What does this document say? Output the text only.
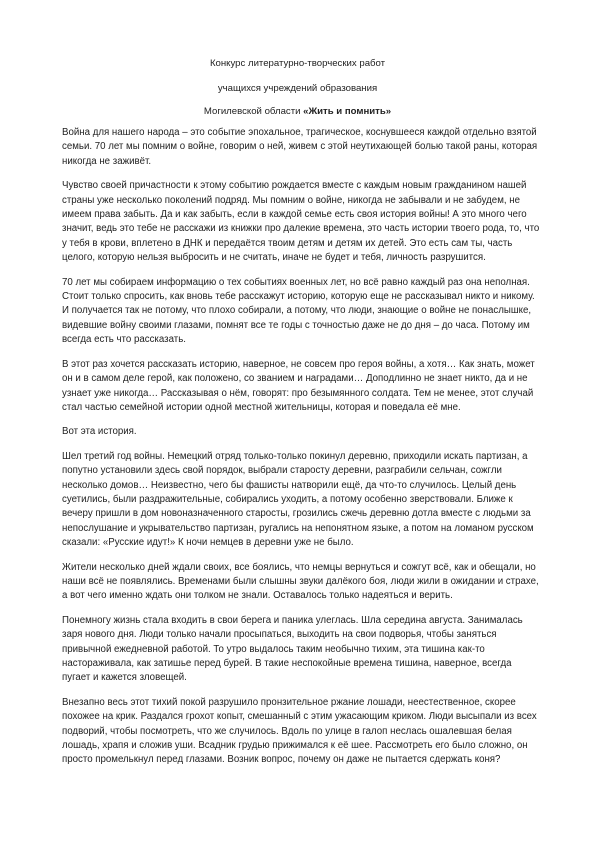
Конкурс литературно-творческих работ
учащихся учреждений образования
Могилевской области «Жить и помнить»

Война для нашего народа – это событие эпохальное, трагическое, коснувшееся каждой отдельно взятой семьи. 70 лет мы помним о войне, говорим о ней, живем с этой неутихающей болью такой раны, которая никогда не заживёт.

Чувство своей причастности к этому событию рождается вместе с каждым новым гражданином нашей страны уже несколько поколений подряд. Мы помним о войне, никогда не забывали и не забудем, не имеем права забыть. Да и как забыть, если в каждой семье есть своя история войны! А это много чего значит, ведь это тебе не расскажи из книжки про далекие времена, это часть истории твоего рода, то, что у тебя в крови, вплетено в ДНК и передаётся твоим детям и детям их детей. Это есть сам ты, часть целого, которую нельзя выбросить и не считать, иначе не будет и тебя, личность разрушится.

70 лет мы собираем информацию о тех событиях военных лет, но всё равно каждый раз она неполная. Стоит только спросить, как вновь тебе расскажут историю, которую еще не рассказывал никто и никому. И получается так не потому, что плохо собирали, а потому, что люди, знающие о войне не понаслышке, видевшие войну своими глазами, помнят все те годы с точностью даже не до дня – до часа. Потому им всегда есть что рассказать.

В этот раз хочется рассказать историю, наверное, не совсем про героя войны, а хотя… Как знать, может он и в самом деле герой, как положено, со званием и наградами… Доподлинно не знает никто, да и не узнает уже никогда… Рассказывая о нём, говорят: про безымянного солдата. Тем не менее, этот случай стал частью семейной истории одной местной жительницы, которая и поведала её мне.

Вот эта история.

Шел третий год войны. Немецкий отряд только-только покинул деревню, приходили искать партизан, а попутно установили здесь свой порядок, выбрали старосту деревни, разграбили сельчан, сожгли несколько домов… Неизвестно, чего бы фашисты натворили ещё, да что-то случилось. Целый день суетились, были раздражительные, собирались уходить, а потому особенно зверствовали. Ближе к вечеру пришли в дом новоназначенного старосты, грозились сжечь деревню дотла вместе с людьми за непослушание и укрывательство партизан, ругались на непонятном языке, а потом на ломаном русском сказали: «Русские идут!» К ночи немцев в деревни уже не было.

Жители несколько дней ждали своих, все боялись, что немцы вернуться и сожгут всё, как и обещали, но наши всё не появлялись. Временами были слышны звуки далёкого боя, люди жили в ожидании и страхе, а вот чего именно ждать они толком не знали. Оставалось только надеяться и верить.

Понемногу жизнь стала входить в свои берега и паника улеглась. Шла середина августа. Занималась заря нового дня. Люди только начали просыпаться, выходить на свои подворья, чтобы заняться привычной ежедневной работой. То утро выдалось таким необычно тихим, эта тишина как-то настораживала, как затишье перед бурей. В такие неспокойные времена тишина, наверное, всегда пугает и кажется зловещей.

Внезапно весь этот тихий покой разрушило пронзительное ржание лошади, неестественное, скорее похожее на крик. Раздался грохот копыт, смешанный с этим ужасающим криком. Люди высыпали из всех подворий, чтобы посмотреть, что же случилось. Вдоль по улице в галоп неслась ошалевшая белая лошадь, храпя и сложив уши. Всадник грудью прижимался к её шее. Рассмотреть его было сложно, он просто промелькнул перед глазами. Возник вопрос, почему он даже не пытается сдержать коня?
